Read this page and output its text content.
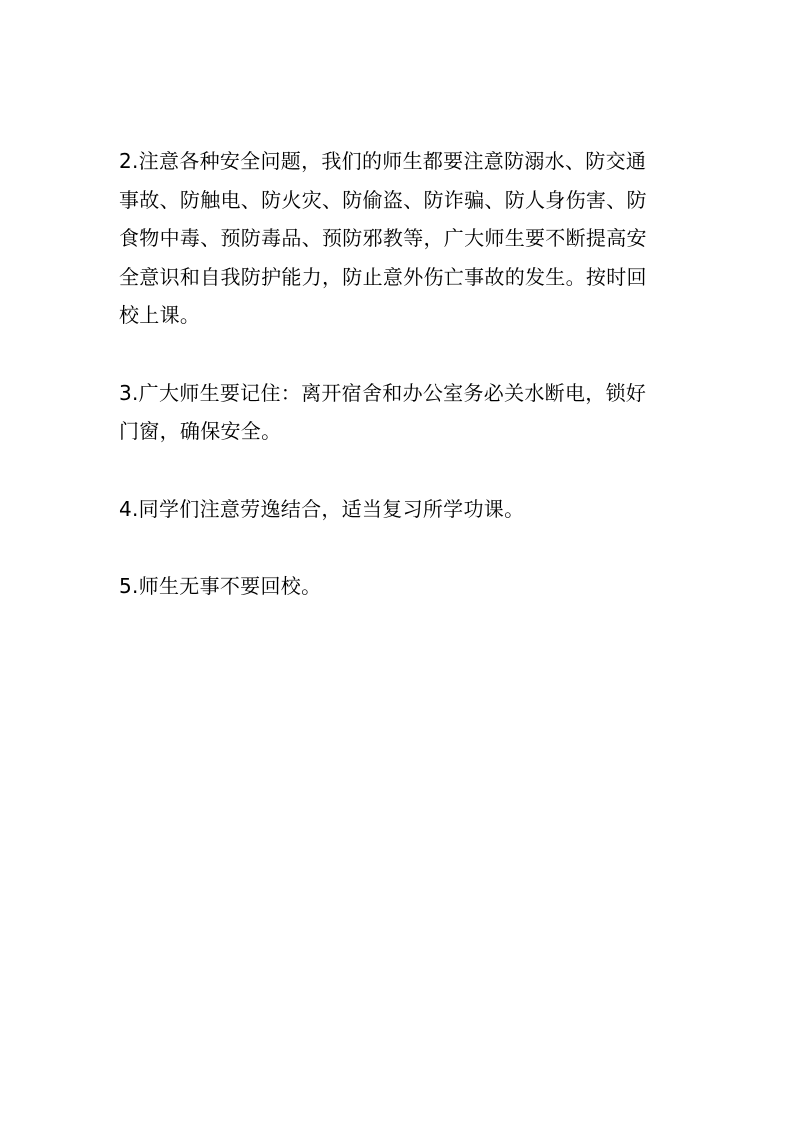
2.注意各种安全问题，我们的师生都要注意防溺水、防交通
事故、防触电、防火灾、防偷盗、防诈骗、防人身伤害、防
食物中毒、预防毒品、预防邪教等，广大师生要不断提高安
全意识和自我防护能力，防止意外伤亡事故的发生。按时回
校上课。

3.广大师生要记住：离开宿舍和办公室务必关水断电，锁好
门窗，确保安全。

4.同学们注意劳逸结合，适当复习所学功课。

5.师生无事不要回校。
